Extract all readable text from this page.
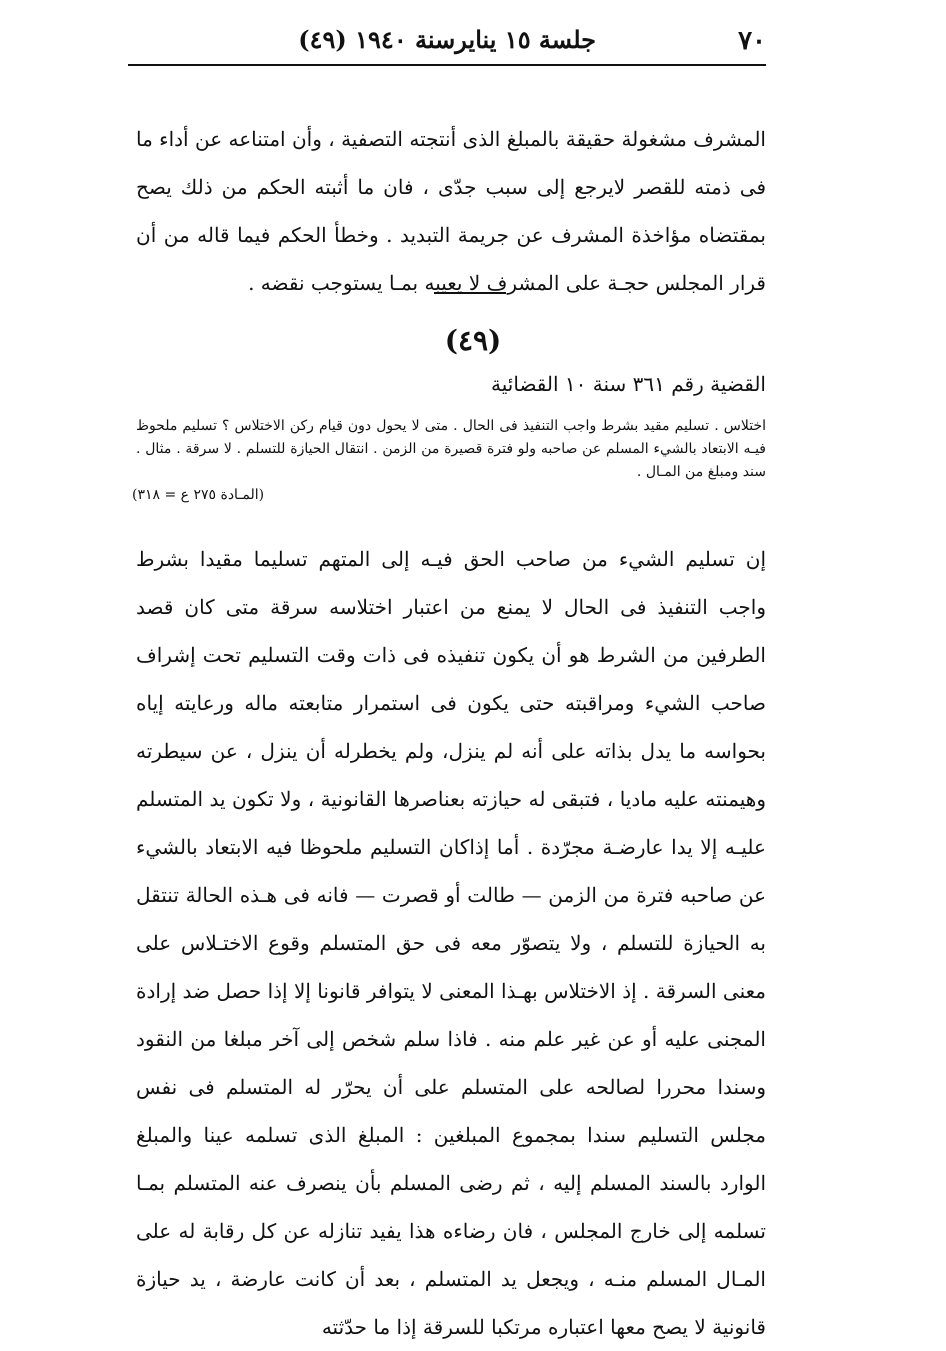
٧٠
جلسة ١٥ ينايرسنة ١٩٤٠ (٤٩)

المشرف مشغولة حقيقة بالمبلغ الذى أنتجته التصفية ، وأن امتناعه عن أداء ما فى ذمته للقصر لايرجع إلى سبب جدّى ، فان ما أثبته الحكم من ذلك يصح بمقتضاه مؤاخذة المشرف عن جريمة التبديد . وخطأ الحكم فيما قاله من أن قرار المجلس حجـة على المشرف لا يعيبه بمـا يستوجب نقضه .

(٤٩)
القضية رقم ٣٦١ سنة ١٠ القضائية
اختلاس . تسليم مقيد بشرط واجب التنفيذ فى الحال . متى لا يحول دون قيام ركن الاختلاس ؟ تسليم ملحوظ فيـه الابتعاد بالشيء المسلم عن صاحبه ولو فترة قصيرة من الزمن . انتقال الحيازة للتسلم . لا سرقة . مثال . سند ومبلغ من المـال .
(المـادة ٢٧٥ ع = ٣١٨)

إن تسليم الشيء من صاحب الحق فيـه إلى المتهم تسليما مقيدا بشرط واجب التنفيذ فى الحال لا يمنع من اعتبار اختلاسه سرقة متى كان قصد الطرفين من الشرط هو أن يكون تنفيذه فى ذات وقت التسليم تحت إشراف صاحب الشيء ومراقبته حتى يكون فى استمرار متابعته ماله ورعايته إياه بحواسه ما يدل بذاته على أنه لم ينزل، ولم يخطرله أن ينزل ، عن سيطرته وهيمنته عليه ماديا ، فتبقى له حيازته بعناصرها القانونية ، ولا تكون يد المتسلم عليـه إلا يدا عارضـة مجرّدة . أما إذاكان التسليم ملحوظا فيه الابتعاد بالشيء عن صاحبه فترة من الزمن — طالت أو قصرت — فانه فى هـذه الحالة تنتقل به الحيازة للتسلم ، ولا يتصوّر معه فى حق المتسلم وقوع الاختـلاس على معنى السرقة . إذ الاختلاس بهـذا المعنى لا يتوافر قانونا إلا إذا حصل ضد إرادة المجنى عليه أو عن غير علم منه . فاذا سلم شخص إلى آخر مبلغا من النقود وسندا محررا لصالحه على المتسلم على أن يحرّر له المتسلم فى نفس مجلس التسليم سندا بمجموع المبلغين : المبلغ الذى تسلمه عينا والمبلغ الوارد بالسند المسلم إليه ، ثم رضى المسلم بأن ينصرف عنه المتسلم بمـا تسلمه إلى خارج المجلس ، فان رضاءه هذا يفيد تنازله عن كل رقابة له على المـال المسلم منـه ، ويجعل يد المتسلم ، بعد أن كانت عارضة ، يد حيازة قانونية لا يصح معها اعتباره مرتكبا للسرقة إذا ما حدّثته
